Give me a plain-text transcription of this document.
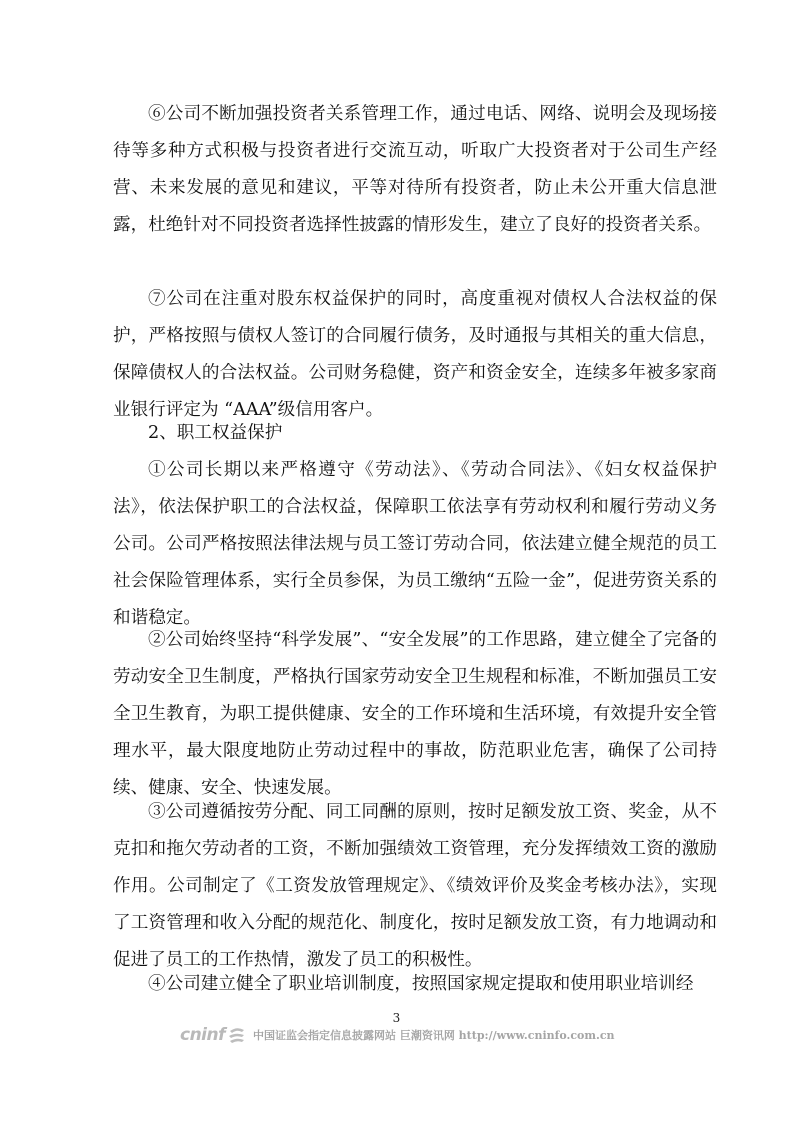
⑥公司不断加强投资者关系管理工作，通过电话、网络、说明会及现场接待等多种方式积极与投资者进行交流互动，听取广大投资者对于公司生产经营、未来发展的意见和建议，平等对待所有投资者，防止未公开重大信息泄露，杜绝针对不同投资者选择性披露的情形发生，建立了良好的投资者关系。

⑦公司在注重对股东权益保护的同时，高度重视对债权人合法权益的保护，严格按照与债权人签订的合同履行债务，及时通报与其相关的重大信息，保障债权人的合法权益。公司财务稳健，资产和资金安全，连续多年被多家商业银行评定为 “AAA”级信用客户。

2、职工权益保护

①公司长期以来严格遵守《劳动法》、《劳动合同法》、《妇女权益保护法》，依法保护职工的合法权益，保障职工依法享有劳动权利和履行劳动义务公司。公司严格按照法律法规与员工签订劳动合同，依法建立健全规范的员工社会保险管理体系，实行全员参保，为员工缴纳“五险一金”，促进劳资关系的和谐稳定。

②公司始终坚持“科学发展”、“安全发展”的工作思路，建立健全了完备的劳动安全卫生制度，严格执行国家劳动安全卫生规程和标准，不断加强员工安全卫生教育，为职工提供健康、安全的工作环境和生活环境，有效提升安全管理水平，最大限度地防止劳动过程中的事故，防范职业危害，确保了公司持续、健康、安全、快速发展。

③公司遵循按劳分配、同工同酬的原则，按时足额发放工资、奖金，从不克扣和拖欠劳动者的工资，不断加强绩效工资管理，充分发挥绩效工资的激励作用。公司制定了《工资发放管理规定》、《绩效评价及奖金考核办法》，实现了工资管理和收入分配的规范化、制度化，按时足额发放工资，有力地调动和促进了员工的工作热情，激发了员工的积极性。

④公司建立健全了职业培训制度，按照国家规定提取和使用职业培训经

3
cninf	中国证监会指定信息披露网站 巨潮资讯网 http://www.cninfo.com.cn
